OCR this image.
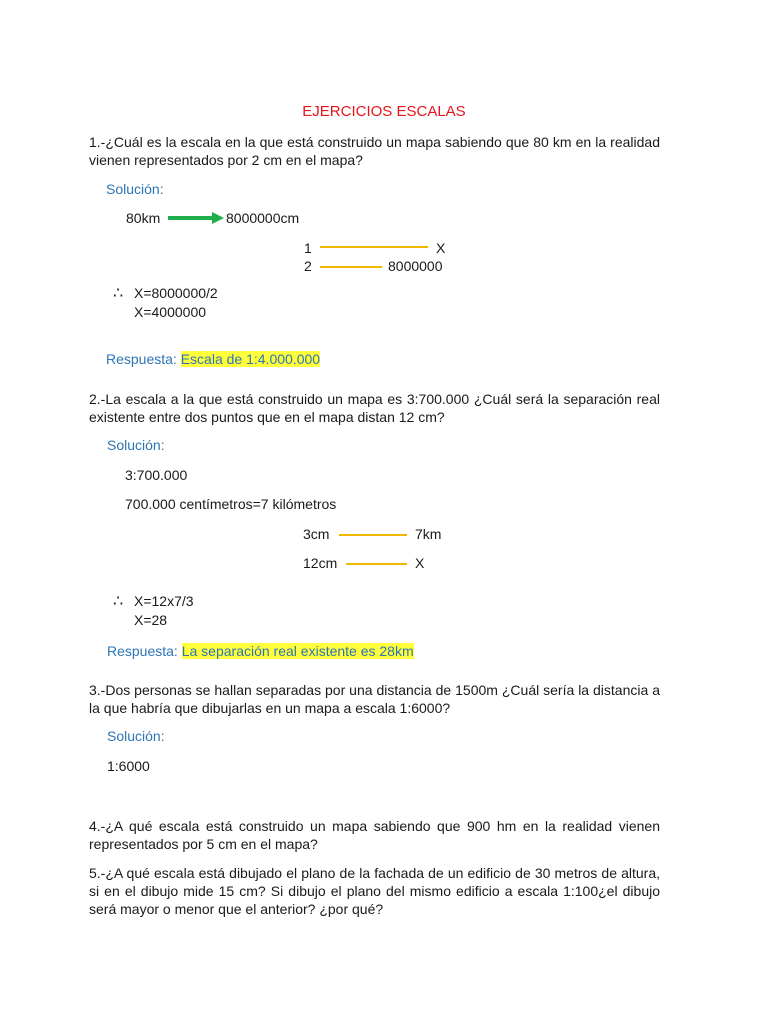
EJERCICIOS ESCALAS
1.-¿Cuál es la escala en la que está construido un mapa sabiendo que 80 km en la realidad vienen representados por 2 cm en el mapa?
Solución:
80km	8000000cm
1	X
2	8000000
∴ X=8000000/2
X=4000000
Respuesta: Escala de 1:4.000.000
2.-La escala a la que está construido un mapa es 3:700.000 ¿Cuál será la separación real existente entre dos puntos que en el mapa distan 12 cm?
Solución:
3:700.000
700.000 centímetros=7 kilómetros
3cm	7km
12cm	X
∴ X=12x7/3
X=28
Respuesta: La separación real existente es 28km
3.-Dos personas se hallan separadas por una distancia de 1500m ¿Cuál sería la distancia a la que habría que dibujarlas en un mapa a escala 1:6000?
Solución:
1:6000
4.-¿A qué escala está construido un mapa sabiendo que 900 hm en la realidad vienen representados por 5 cm en el mapa?
5.-¿A qué escala está dibujado el plano de la fachada de un edificio de 30 metros de altura, si en el dibujo mide 15 cm? Si dibujo el plano del mismo edificio a escala 1:100¿el dibujo será mayor o menor que el anterior? ¿por qué?
